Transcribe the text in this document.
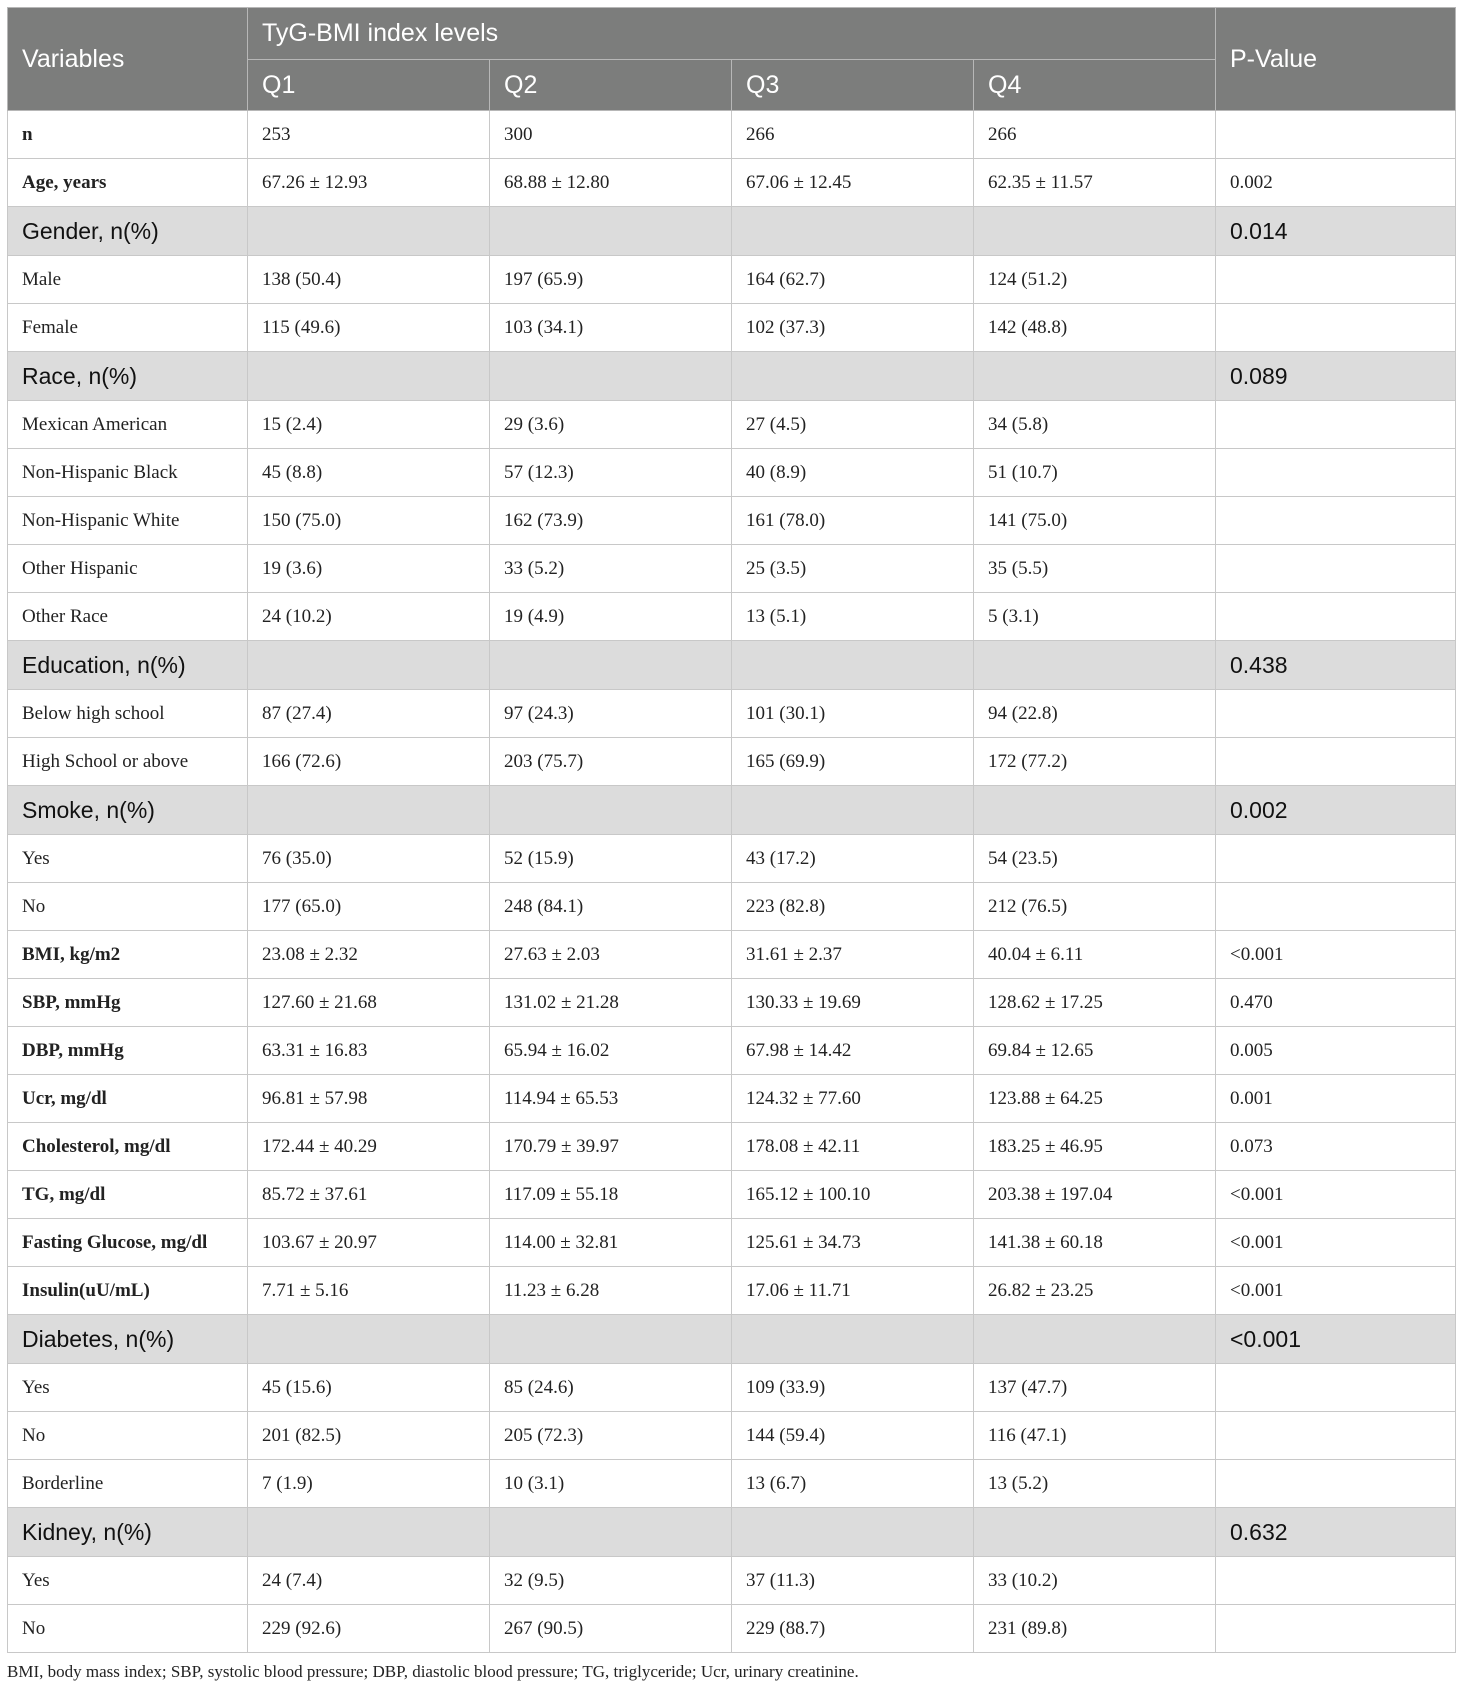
Variables	TyG-BMI index levels				P-Value
	Q1	Q2	Q3	Q4	
n	253	300	266	266	
Age, years	67.26 ± 12.93	68.88 ± 12.80	67.06 ± 12.45	62.35 ± 11.57	0.002
Gender, n(%)					0.014
Male	138 (50.4)	197 (65.9)	164 (62.7)	124 (51.2)	
Female	115 (49.6)	103 (34.1)	102 (37.3)	142 (48.8)	
Race, n(%)					0.089
Mexican American	15 (2.4)	29 (3.6)	27 (4.5)	34 (5.8)	
Non-Hispanic Black	45 (8.8)	57 (12.3)	40 (8.9)	51 (10.7)	
Non-Hispanic White	150 (75.0)	162 (73.9)	161 (78.0)	141 (75.0)	
Other Hispanic	19 (3.6)	33 (5.2)	25 (3.5)	35 (5.5)	
Other Race	24 (10.2)	19 (4.9)	13 (5.1)	5 (3.1)	
Education, n(%)					0.438
Below high school	87 (27.4)	97 (24.3)	101 (30.1)	94 (22.8)	
High School or above	166 (72.6)	203 (75.7)	165 (69.9)	172 (77.2)	
Smoke, n(%)					0.002
Yes	76 (35.0)	52 (15.9)	43 (17.2)	54 (23.5)	
No	177 (65.0)	248 (84.1)	223 (82.8)	212 (76.5)	
BMI, kg/m2	23.08 ± 2.32	27.63 ± 2.03	31.61 ± 2.37	40.04 ± 6.11	<0.001
SBP, mmHg	127.60 ± 21.68	131.02 ± 21.28	130.33 ± 19.69	128.62 ± 17.25	0.470
DBP, mmHg	63.31 ± 16.83	65.94 ± 16.02	67.98 ± 14.42	69.84 ± 12.65	0.005
Ucr, mg/dl	96.81 ± 57.98	114.94 ± 65.53	124.32 ± 77.60	123.88 ± 64.25	0.001
Cholesterol, mg/dl	172.44 ± 40.29	170.79 ± 39.97	178.08 ± 42.11	183.25 ± 46.95	0.073
TG, mg/dl	85.72 ± 37.61	117.09 ± 55.18	165.12 ± 100.10	203.38 ± 197.04	<0.001
Fasting Glucose, mg/dl	103.67 ± 20.97	114.00 ± 32.81	125.61 ± 34.73	141.38 ± 60.18	<0.001
Insulin(uU/mL)	7.71 ± 5.16	11.23 ± 6.28	17.06 ± 11.71	26.82 ± 23.25	<0.001
Diabetes, n(%)					<0.001
Yes	45 (15.6)	85 (24.6)	109 (33.9)	137 (47.7)	
No	201 (82.5)	205 (72.3)	144 (59.4)	116 (47.1)	
Borderline	7 (1.9)	10 (3.1)	13 (6.7)	13 (5.2)	
Kidney, n(%)					0.632
Yes	24 (7.4)	32 (9.5)	37 (11.3)	33 (10.2)	
No	229 (92.6)	267 (90.5)	229 (88.7)	231 (89.8)	
BMI, body mass index; SBP, systolic blood pressure; DBP, diastolic blood pressure; TG, triglyceride; Ucr, urinary creatinine.
